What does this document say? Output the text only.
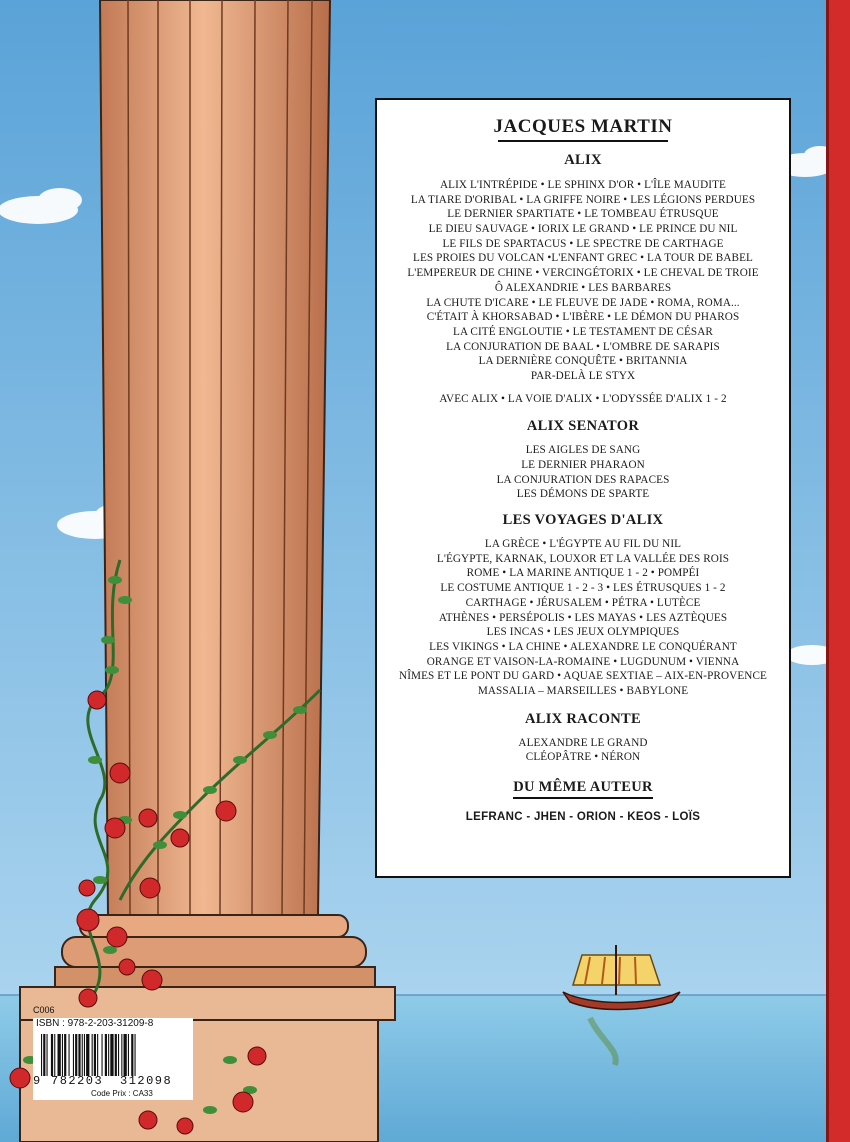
JACQUES MARTIN
ALIX
ALIX L'INTRÉPIDE • LE SPHINX D'OR • L'ÎLE MAUDITE
LA TIARE D'ORIBAL • LA GRIFFE NOIRE • LES LÉGIONS PERDUES
LE DERNIER SPARTIATE • LE TOMBEAU ÉTRUSQUE
LE DIEU SAUVAGE • IORIX LE GRAND • LE PRINCE DU NIL
LE FILS DE SPARTACUS • LE SPECTRE DE CARTHAGE
LES PROIES DU VOLCAN •L'ENFANT GREC • LA TOUR DE BABEL
L'EMPEREUR DE CHINE • VERCINGÉTORIX • LE CHEVAL DE TROIE
Ô ALEXANDRIE • LES BARBARES
LA CHUTE D'ICARE • LE FLEUVE DE JADE • ROMA, ROMA...
C'ÉTAIT À KHORSABAD • L'IBÈRE • LE DÉMON DU PHAROS
LA CITÉ ENGLOUTIE • LE TESTAMENT DE CÉSAR
LA CONJURATION DE BAAL • L'OMBRE DE SARAPIS
LA DERNIÈRE CONQUÊTE • BRITANNIA
PAR-DELÀ LE STYX
AVEC ALIX • LA VOIE D'ALIX • L'ODYSSÉE D'ALIX 1 - 2
ALIX SENATOR
LES AIGLES DE SANG
LE DERNIER PHARAON
LA CONJURATION DES RAPACES
LES DÉMONS DE SPARTE
LES VOYAGES D'ALIX
LA GRÈCE • L'ÉGYPTE AU FIL DU NIL
L'ÉGYPTE, KARNAK, LOUXOR ET LA VALLÉE DES ROIS
ROME • LA MARINE ANTIQUE 1 - 2 • POMPÉI
LE COSTUME ANTIQUE 1 - 2 - 3 • LES ÉTRUSQUES 1 - 2
CARTHAGE • JÉRUSALEM • PÉTRA • LUTÈCE
ATHÈNES • PERSÉPOLIS • LES MAYAS • LES AZTÈQUES
LES INCAS • LES JEUX OLYMPIQUES
LES VIKINGS • LA CHINE • ALEXANDRE LE CONQUÉRANT
ORANGE ET VAISON-LA-ROMAINE • LUGDUNUM • VIENNA
NÎMES ET LE PONT DU GARD • AQUAE SEXTIAE – AIX-EN-PROVENCE
MASSALIA – MARSEILLES • BABYLONE
ALIX RACONTE
ALEXANDRE LE GRAND
CLÉOPÂTRE • NÉRON
DU MÊME AUTEUR
LEFRANC - JHEN - ORION - KEOS - LOÏS
C006
ISBN : 978-2-203-31209-8
9 782203 312098
Code Prix : CA33
